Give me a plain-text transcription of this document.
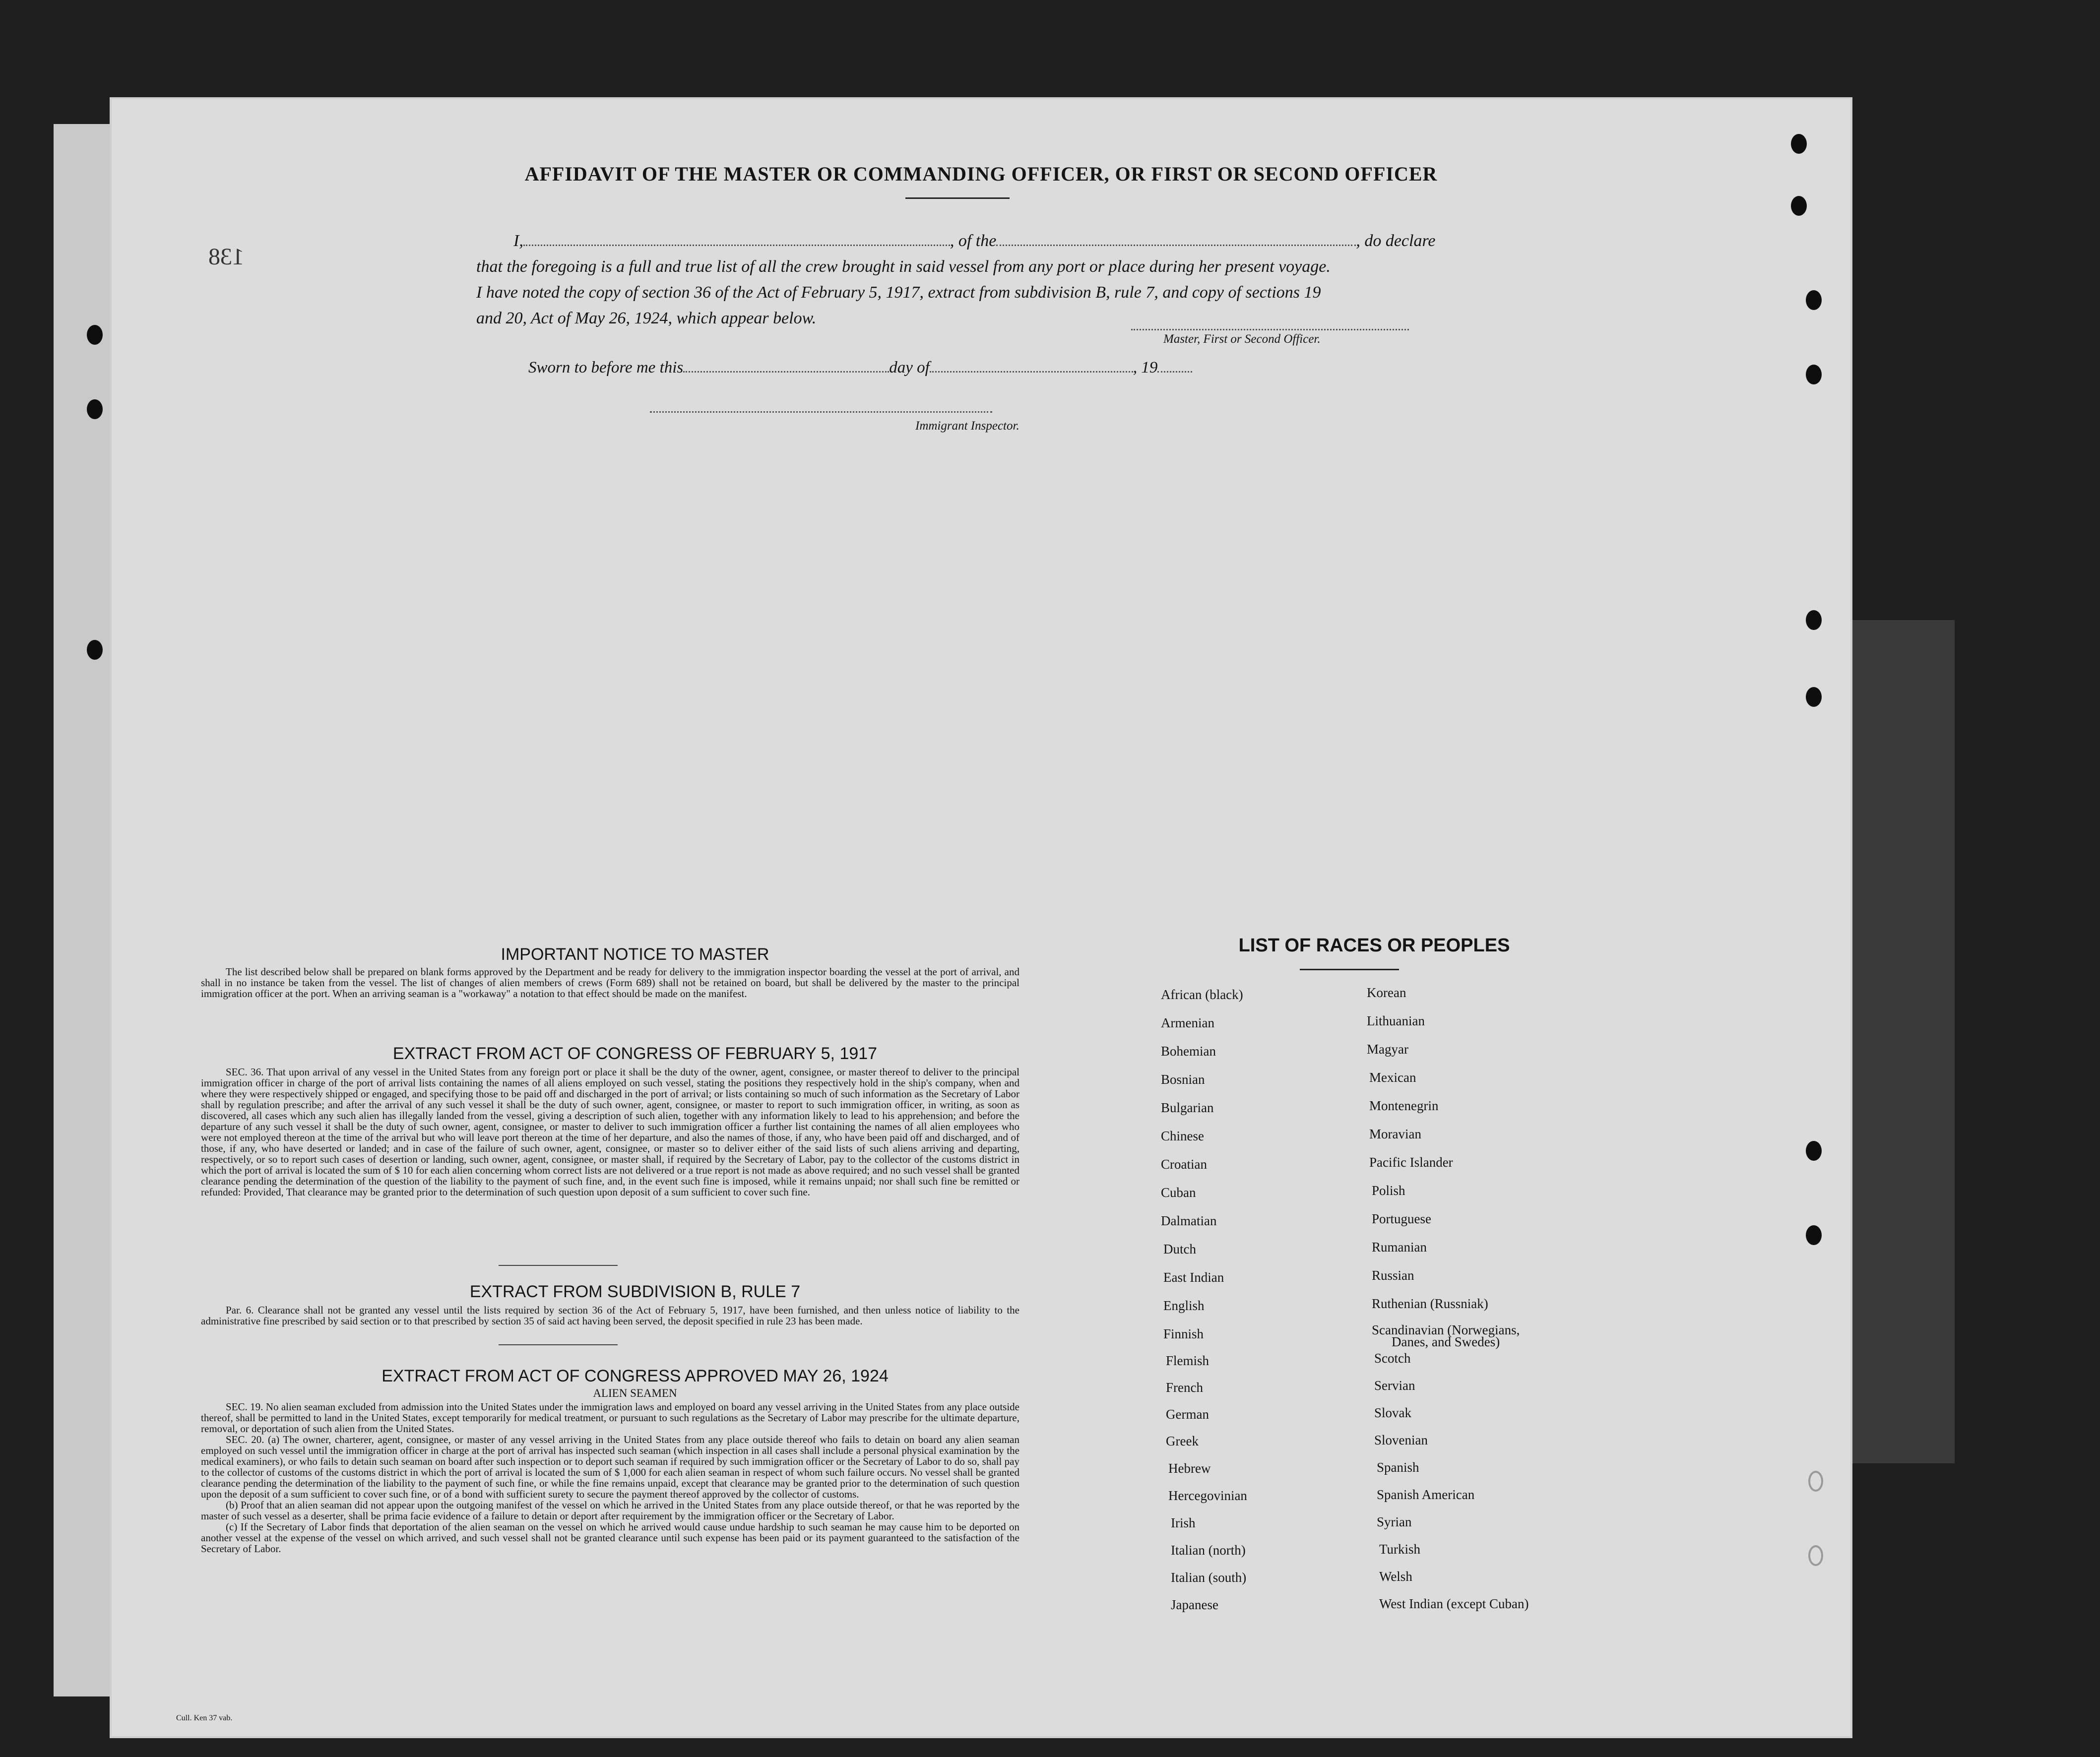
138
AFFIDAVIT OF THE MASTER OR COMMANDING OFFICER, OR FIRST OR SECOND OFFICER
I,	, of the	, do declare
that the foregoing is a full and true list of all the crew brought in said vessel from any port or place during her present voyage.
I have noted the copy of section 36 of the Act of February 5, 1917, extract from subdivision B, rule 7, and copy of sections 19
and 20, Act of May 26, 1924, which appear below.
Master, First or Second Officer.
Sworn to before me this	day of	, 19
Immigrant Inspector.
IMPORTANT NOTICE TO MASTER

The list described below shall be prepared on blank forms approved by the Department and be ready for delivery to the immigration inspector boarding the vessel at the port of arrival, and shall in no instance be taken from the vessel. The list of changes of alien members of crews (Form 689) shall not be retained on board, but shall be delivered by the master to the principal immigration officer at the port. When an arriving seaman is a "workaway" a notation to that effect should be made on the manifest.

EXTRACT FROM ACT OF CONGRESS OF FEBRUARY 5, 1917

SEC. 36. That upon arrival of any vessel in the United States from any foreign port or place it shall be the duty of the owner, agent, consignee, or master thereof to deliver to the principal immigration officer in charge of the port of arrival lists containing the names of all aliens employed on such vessel, stating the positions they respectively hold in the ship's company, when and where they were respectively shipped or engaged, and specifying those to be paid off and discharged in the port of arrival; or lists containing so much of such information as the Secretary of Labor shall by regulation prescribe; and after the arrival of any such vessel it shall be the duty of such owner, agent, consignee, or master to report to such immigration officer, in writing, as soon as discovered, all cases which any such alien has illegally landed from the vessel, giving a description of such alien, together with any information likely to lead to his apprehension; and before the departure of any such vessel it shall be the duty of such owner, agent, consignee, or master to deliver to such immigration officer a further list containing the names of all alien employees who were not employed thereon at the time of the arrival but who will leave port thereon at the time of her departure, and also the names of those, if any, who have been paid off and discharged, and of those, if any, who have deserted or landed; and in case of the failure of such owner, agent, consignee, or master so to deliver either of the said lists of such aliens arriving and departing, respectively, or so to report such cases of desertion or landing, such owner, agent, consignee, or master shall, if required by the Secretary of Labor, pay to the collector of the customs district in which the port of arrival is located the sum of $ 10 for each alien concerning whom correct lists are not delivered or a true report is not made as above required; and no such vessel shall be granted clearance pending the determination of the question of the liability to the payment of such fine, and, in the event such fine is imposed, while it remains unpaid; nor shall such fine be remitted or refunded: Provided, That clearance may be granted prior to the determination of such question upon deposit of a sum sufficient to cover such fine.

EXTRACT FROM SUBDIVISION B, RULE 7

Par. 6. Clearance shall not be granted any vessel until the lists required by section 36 of the Act of February 5, 1917, have been furnished, and then unless notice of liability to the administrative fine prescribed by said section or to that prescribed by section 35 of said act having been served, the deposit specified in rule 23 has been made.

EXTRACT FROM ACT OF CONGRESS APPROVED MAY 26, 1924
ALIEN SEAMEN

SEC. 19. No alien seaman excluded from admission into the United States under the immigration laws and employed on board any vessel arriving in the United States from any place outside thereof, shall be permitted to land in the United States, except temporarily for medical treatment, or pursuant to such regulations as the Secretary of Labor may prescribe for the ultimate departure, removal, or deportation of such alien from the United States.

SEC. 20. (a) The owner, charterer, agent, consignee, or master of any vessel arriving in the United States from any place outside thereof who fails to detain on board any alien seaman employed on such vessel until the immigration officer in charge at the port of arrival has inspected such seaman (which inspection in all cases shall include a personal physical examination by the medical examiners), or who fails to detain such seaman on board after such inspection or to deport such seaman if required by such immigration officer or the Secretary of Labor to do so, shall pay to the collector of customs of the customs district in which the port of arrival is located the sum of $ 1,000 for each alien seaman in respect of whom such failure occurs. No vessel shall be granted clearance pending the determination of the liability to the payment of such fine, or while the fine remains unpaid, except that clearance may be granted prior to the determination of such question upon the deposit of a sum sufficient to cover such fine, or of a bond with sufficient surety to secure the payment thereof approved by the collector of customs.

(b) Proof that an alien seaman did not appear upon the outgoing manifest of the vessel on which he arrived in the United States from any place outside thereof, or that he was reported by the master of such vessel as a deserter, shall be prima facie evidence of a failure to detain or deport after requirement by the immigration officer or the Secretary of Labor.

(c) If the Secretary of Labor finds that deportation of the alien seaman on the vessel on which he arrived would cause undue hardship to such seaman he may cause him to be deported on another vessel at the expense of the vessel on which arrived, and such vessel shall not be granted clearance until such expense has been paid or its payment guaranteed to the satisfaction of the Secretary of Labor.

LIST OF RACES OR PEOPLES
African (black)
Armenian
Bohemian
Bosnian
Bulgarian
Chinese
Croatian
Cuban
Dalmatian
Dutch
East Indian
English
Finnish
Flemish
French
German
Greek
Hebrew
Hercegovinian
Irish
Italian (north)
Italian (south)
Japanese
Korean
Lithuanian
Magyar
Mexican
Montenegrin
Moravian
Pacific Islander
Polish
Portuguese
Rumanian
Russian
Ruthenian (Russniak)
Scandinavian (Norwegians,
Danes, and Swedes)
Scotch
Servian
Slovak
Slovenian
Spanish
Spanish American
Syrian
Turkish
Welsh
West Indian (except Cuban)
Cull. Ken 37 vab.
